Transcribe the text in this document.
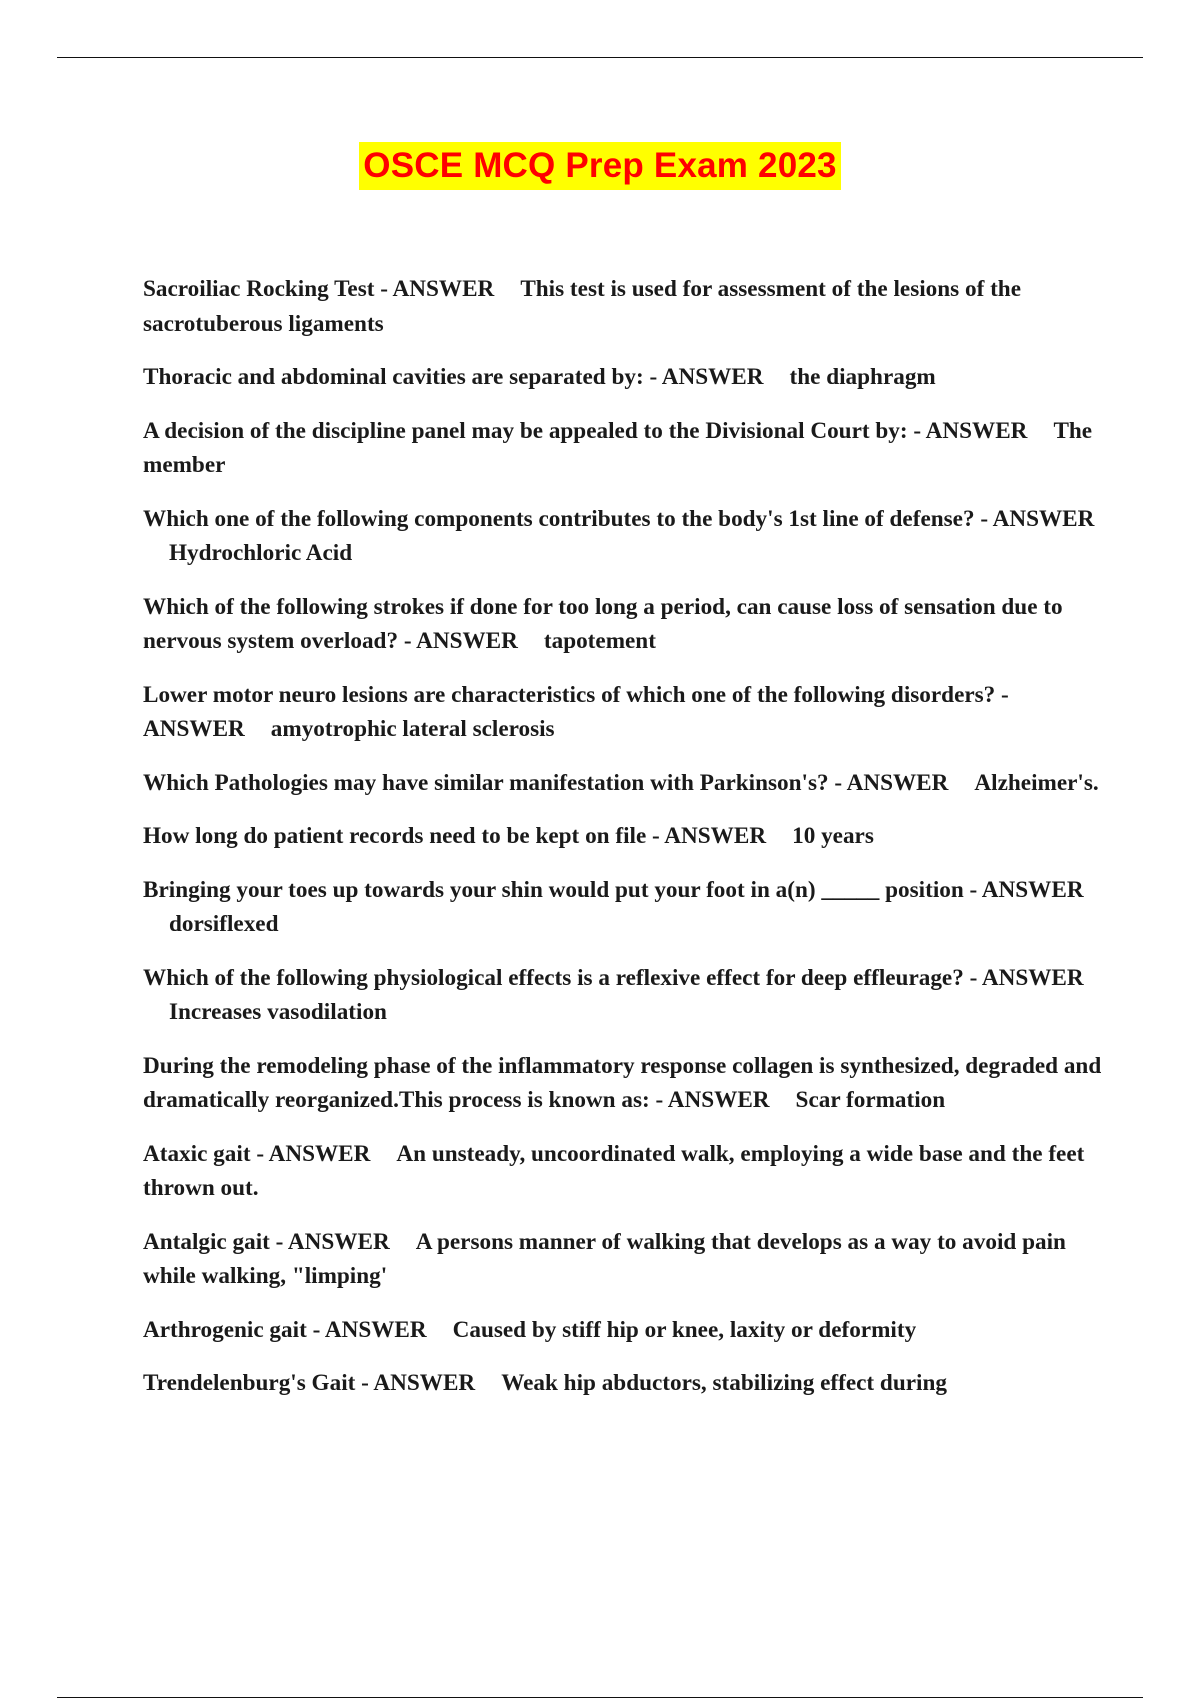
OSCE MCQ Prep Exam 2023

Sacroiliac Rocking Test - ANSWER This test is used for assessment of the lesions of the sacrotuberous ligaments

Thoracic and abdominal cavities are separated by: - ANSWER the diaphragm

A decision of the discipline panel may be appealed to the Divisional Court by: - ANSWER The member

Which one of the following components contributes to the body's 1st line of defense? - ANSWERHydrochloric Acid

Which of the following strokes if done for too long a period, can cause loss of sensation due to nervous system overload? - ANSWER tapotement

Lower motor neuro lesions are characteristics of which one of the following disorders? - ANSWER amyotrophic lateral sclerosis

Which Pathologies may have similar manifestation with Parkinson's? - ANSWER Alzheimer's.

How long do patient records need to be kept on file - ANSWER 10 years

Bringing your toes up towards your shin would put your foot in a(n) _____ position - ANSWERdorsiflexed

Which of the following physiological effects is a reflexive effect for deep effleurage? - ANSWERIncreases vasodilation

During the remodeling phase of the inflammatory response collagen is synthesized, degraded and dramatically reorganized.This process is known as: - ANSWER Scar formation

Ataxic gait - ANSWER An unsteady, uncoordinated walk, employing a wide base and the feet thrown out.

Antalgic gait - ANSWER A persons manner of walking that develops as a way to avoid pain while walking, "limping'

Arthrogenic gait - ANSWER Caused by stiff hip or knee, laxity or deformity

Trendelenburg's Gait - ANSWER Weak hip abductors, stabilizing effect during
